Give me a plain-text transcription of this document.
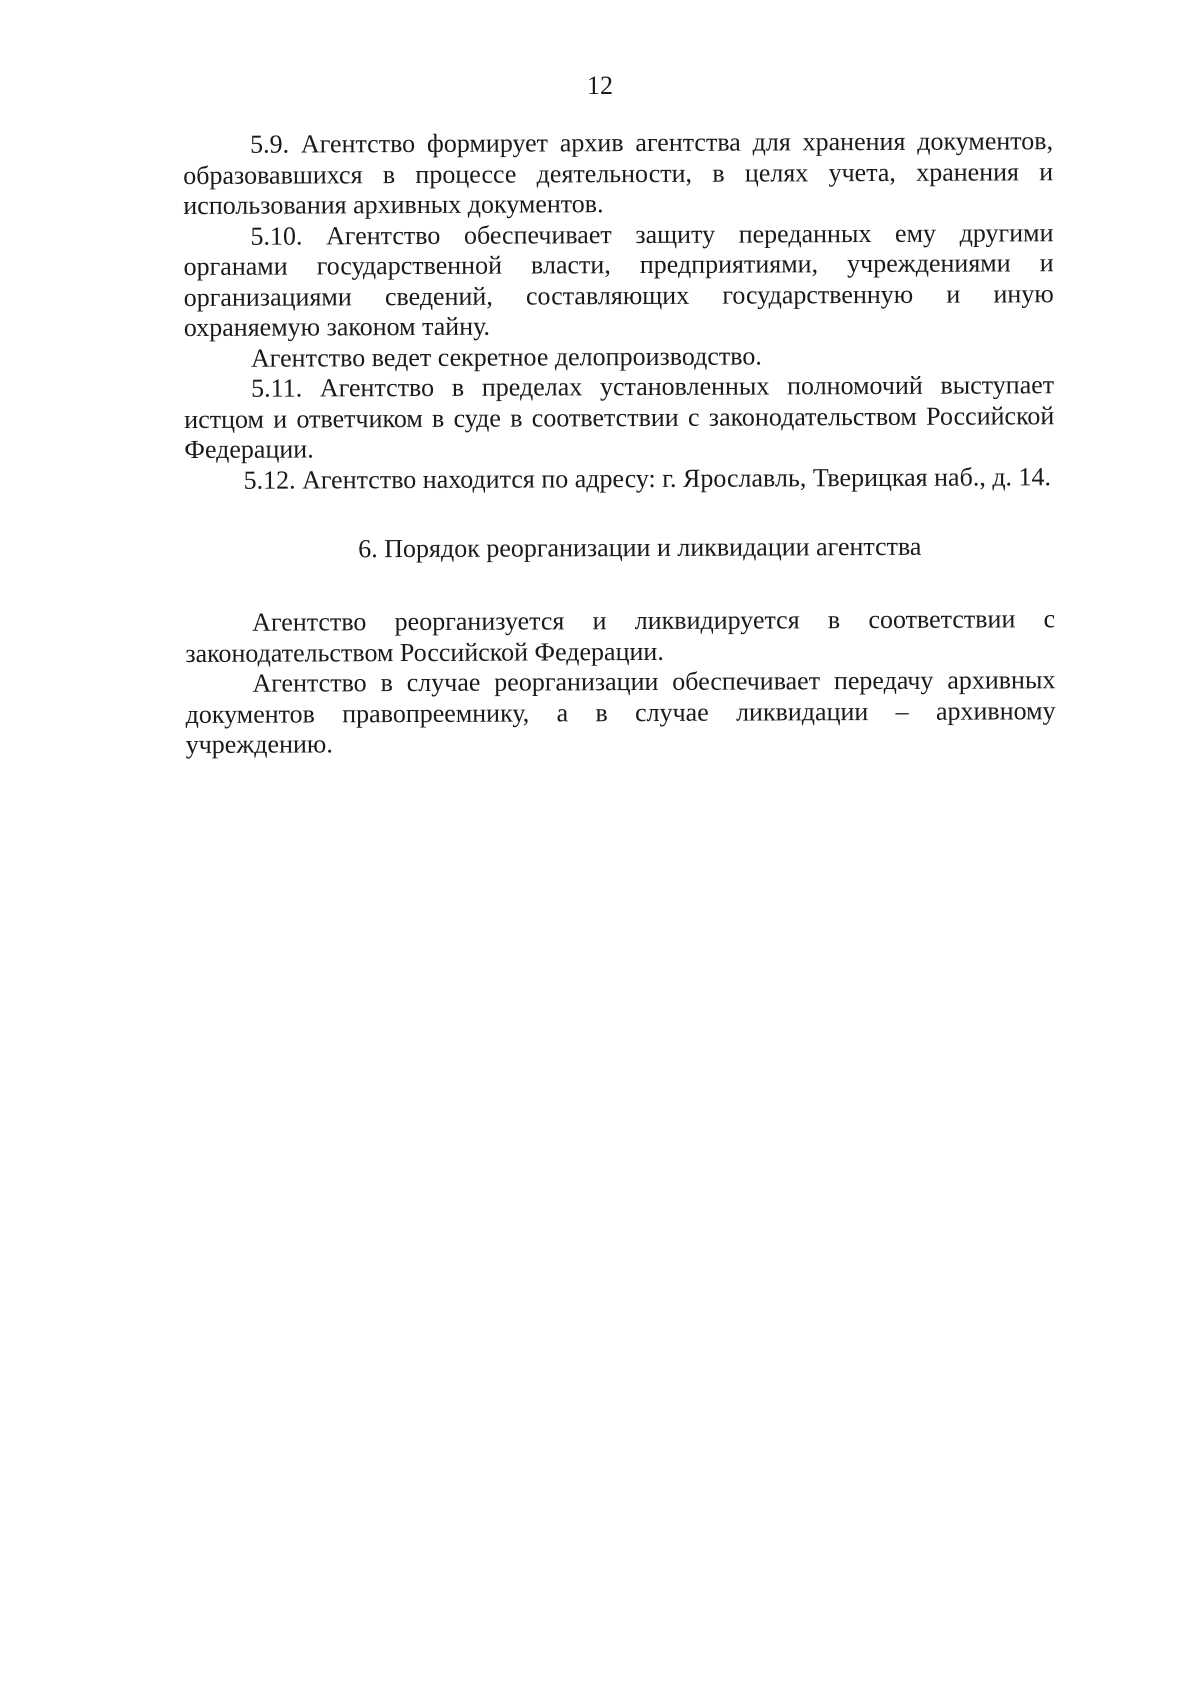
12

5.9. Агентство формирует архив агентства для хранения документов, образовавшихся в процессе деятельности, в целях учета, хранения и использования архивных документов.

5.10. Агентство обеспечивает защиту переданных ему другими органами государственной власти, предприятиями, учреждениями и организациями сведений, составляющих государственную и иную охраняемую законом тайну.

Агентство ведет секретное делопроизводство.

5.11. Агентство в пределах установленных полномочий выступает истцом и ответчиком в суде в соответствии с законодательством Российской Федерации.

5.12. Агентство находится по адресу: г. Ярославль, Тверицкая наб., д. 14.

6. Порядок реорганизации и ликвидации агентства

Агентство реорганизуется и ликвидируется в соответствии с законодательством Российской Федерации.

Агентство в случае реорганизации обеспечивает передачу архивных документов правопреемнику, а в случае ликвидации – архивному учреждению.
